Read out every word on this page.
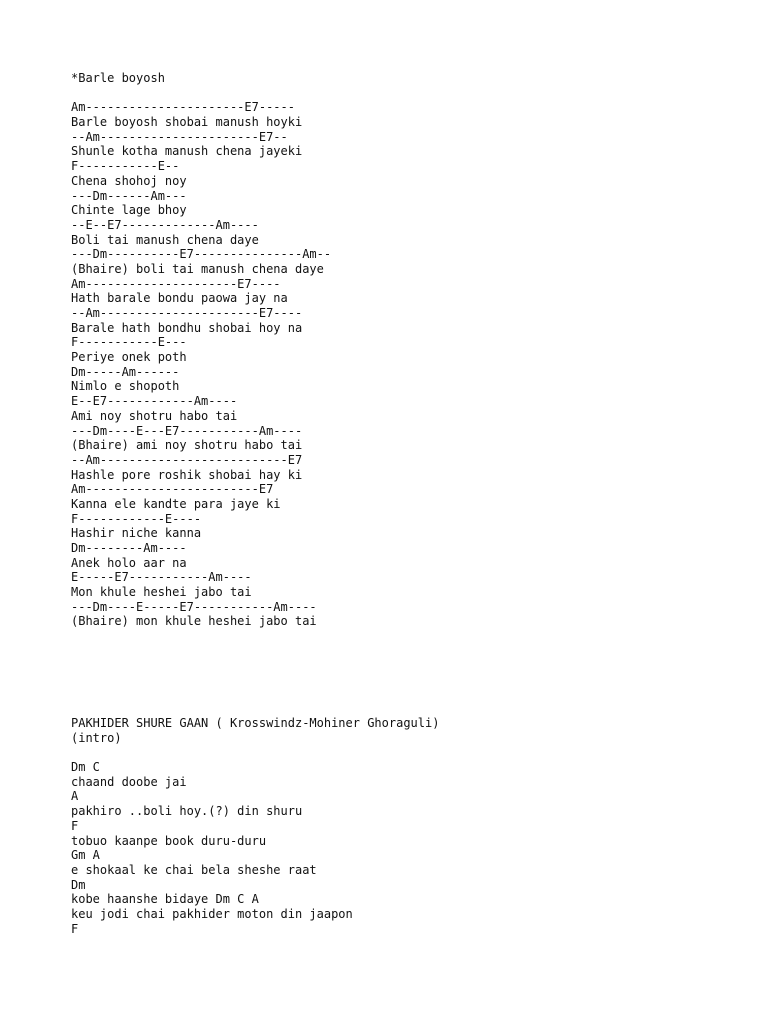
*Barle boyosh
Am----------------------E7-----
Barle boyosh shobai manush hoyki
--Am----------------------E7--
Shunle kotha manush chena jayeki
F-----------E--
Chena shohoj noy
---Dm------Am---
Chinte lage bhoy
--E--E7-------------Am----
Boli tai manush chena daye
---Dm----------E7---------------Am--
(Bhaire) boli tai manush chena daye
Am---------------------E7----
Hath barale bondu paowa jay na
--Am----------------------E7----
Barale hath bondhu shobai hoy na
F-----------E---
Periye onek poth
Dm-----Am------
Nimlo e shopoth
E--E7------------Am----
Ami noy shotru habo tai
---Dm----E---E7-----------Am----
(Bhaire) ami noy shotru habo tai
--Am--------------------------E7
Hashle pore roshik shobai hay ki
Am------------------------E7
Kanna ele kandte para jaye ki
F------------E----
Hashir niche kanna
Dm--------Am----
Anek holo aar na
E-----E7-----------Am----
Mon khule heshei jabo tai
---Dm----E-----E7-----------Am----
(Bhaire) mon khule heshei jabo tai
PAKHIDER SHURE GAAN ( Krosswindz-Mohiner Ghoraguli)
(intro)
Dm C
chaand doobe jai
A
pakhiro ..boli hoy.(?) din shuru
F
tobuo kaanpe book duru-duru
Gm A
e shokaal ke chai bela sheshe raat
Dm
kobe haanshe bidaye Dm C A
keu jodi chai pakhider moton din jaapon
F
